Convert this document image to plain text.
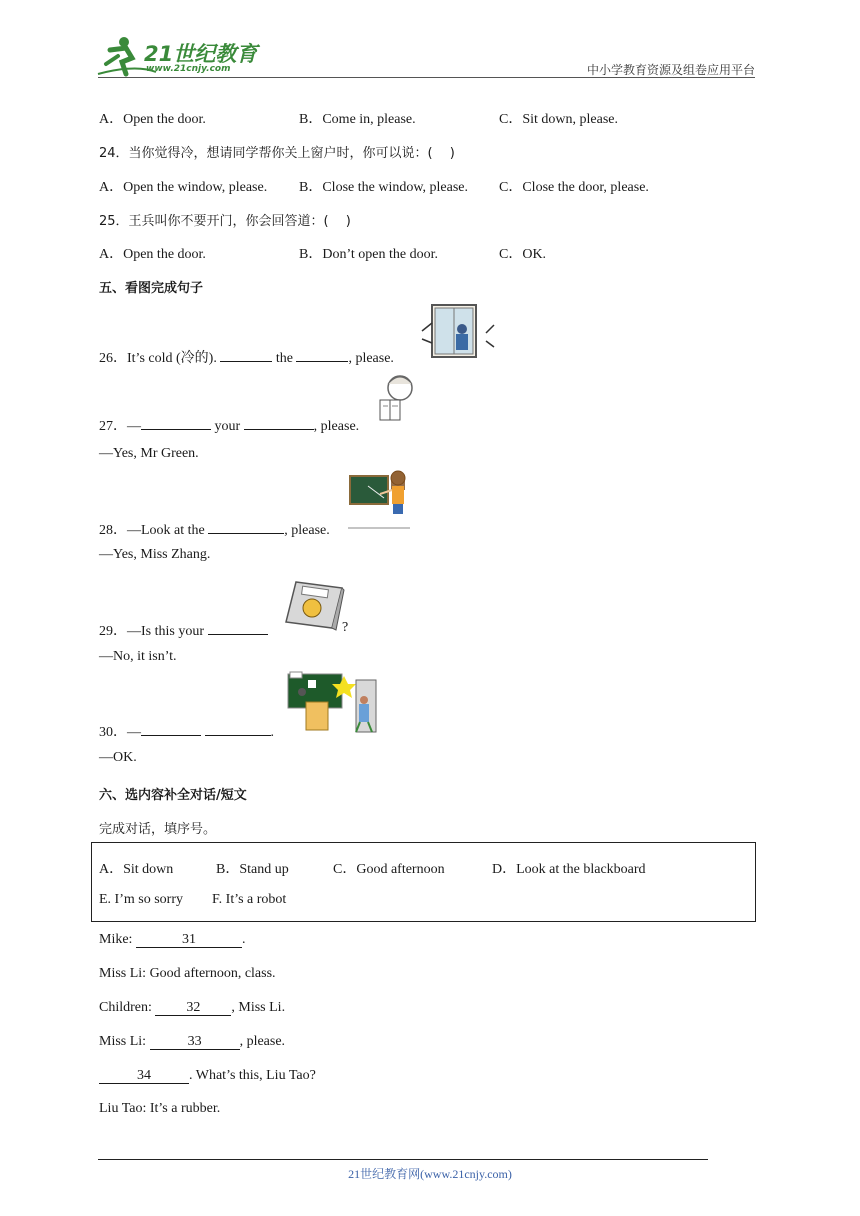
21世纪教育
www.21cnjy.com	中小学教育资源及组卷应用平台
A．Open the door.	B．Come in, please.	C．Sit down, please.
24．当你觉得冷，想请同学帮你关上窗户时，你可以说：(　 )
A．Open the window, please. B．Close the window, please. C．Close the door, please.
25．王兵叫你不要开门，你会回答道：(　 )
A．Open the door.	B．Don’t open the door.	C．OK.
五、看图完成句子
26．It’s cold (冷的).	the	, please.
27．—	your	, please.
—Yes, Mr Green.
28．—Look at the	, please.
—Yes, Miss Zhang.
29．—Is this your	?
—No, it isn’t.
30．—	.
—OK.
六、选内容补全对话/短文
完成对话，填序号。
A．Sit down	B．Stand up	C．Good afternoon	D．Look at the blackboard
E. I’m so sorry F. It’s a robot
Mike:	31	.
Miss Li: Good afternoon, class.
Children: 32 , Miss Li.
Miss Li:	33	, please.
34	. What’s this, Liu Tao?
Liu Tao: It’s a rubber.
21世纪教育网(www.21cnjy.com)
